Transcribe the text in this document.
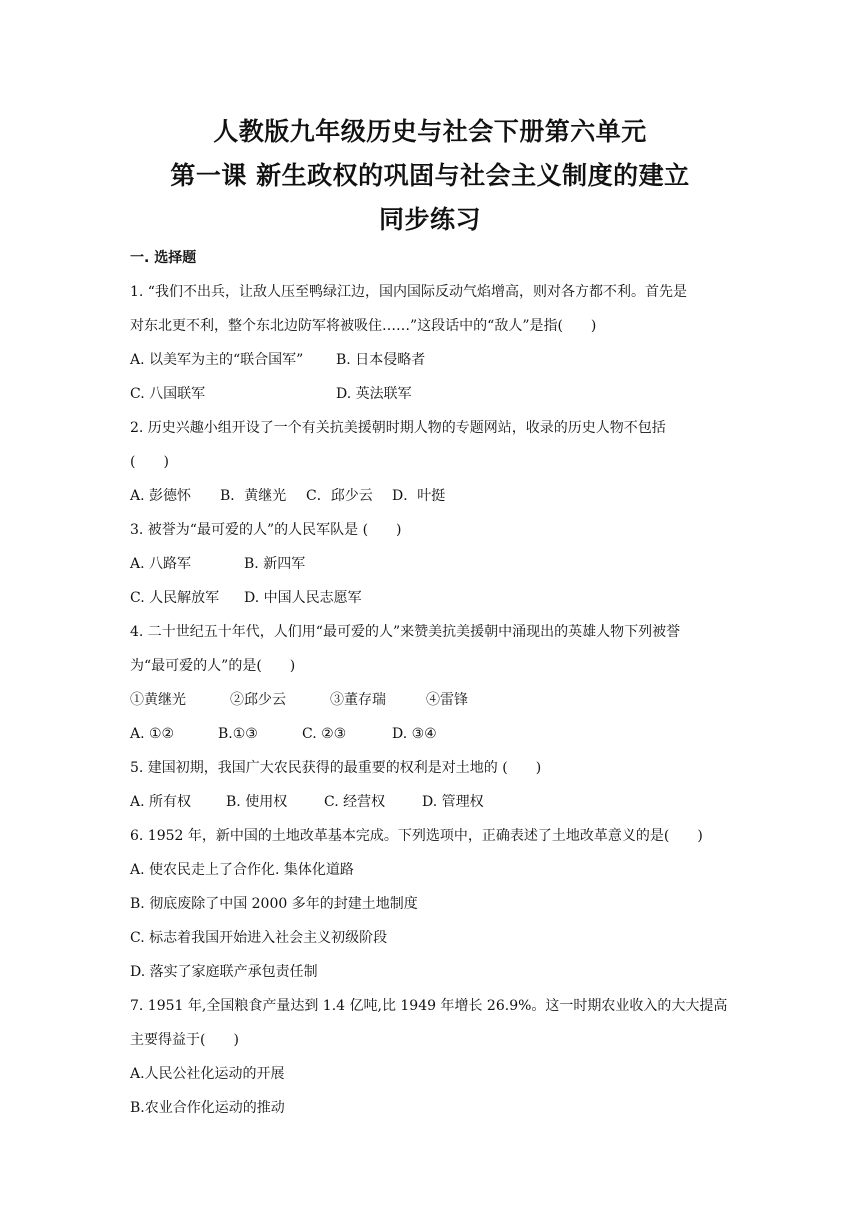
人教版九年级历史与社会下册第六单元
第一课 新生政权的巩固与社会主义制度的建立
同步练习
一. 选择题
1. “我们不出兵，让敌人压至鸭绿江边，国内国际反动气焰增高，则对各方都不利。首先是
对东北更不利，整个东北边防军将被吸住……”这段话中的“敌人”是指(　　)
A. 以美军为主的“联合国军” B. 日本侵略者
C. 八国联军	D. 英法联军
2. 历史兴趣小组开设了一个有关抗美援朝时期人物的专题网站，收录的历史人物不包括
(　　)
A. 彭德怀 B．黄继光 C．邱少云 D．叶挺
3. 被誉为“最可爱的人”的人民军队是 (　　)
A. 八路军	B. 新四军
C. 人民解放军 D. 中国人民志愿军
4. 二十世纪五十年代，人们用“最可爱的人”来赞美抗美援朝中涌现出的英雄人物下列被誉
为“最可爱的人”的是(　　)
①黄继光	②邱少云	③董存瑞	④雷锋
A. ①②	B.①③	C. ②③	D. ③④
5. 建国初期，我国广大农民获得的最重要的权利是对土地的 (　　)
A. 所有权 B. 使用权	C. 经营权	D. 管理权
6. 1952 年，新中国的土地改革基本完成。下列选项中，正确表述了土地改革意义的是(　　)
A. 使农民走上了合作化. 集体化道路
B. 彻底废除了中国 2000 多年的封建土地制度
C. 标志着我国开始进入社会主义初级阶段
D. 落实了家庭联产承包责任制
7. 1951 年,全国粮食产量达到 1.4 亿吨,比 1949 年增长 26.9%。这一时期农业收入的大大提高
主要得益于(　　)
A.人民公社化运动的开展
B.农业合作化运动的推动
